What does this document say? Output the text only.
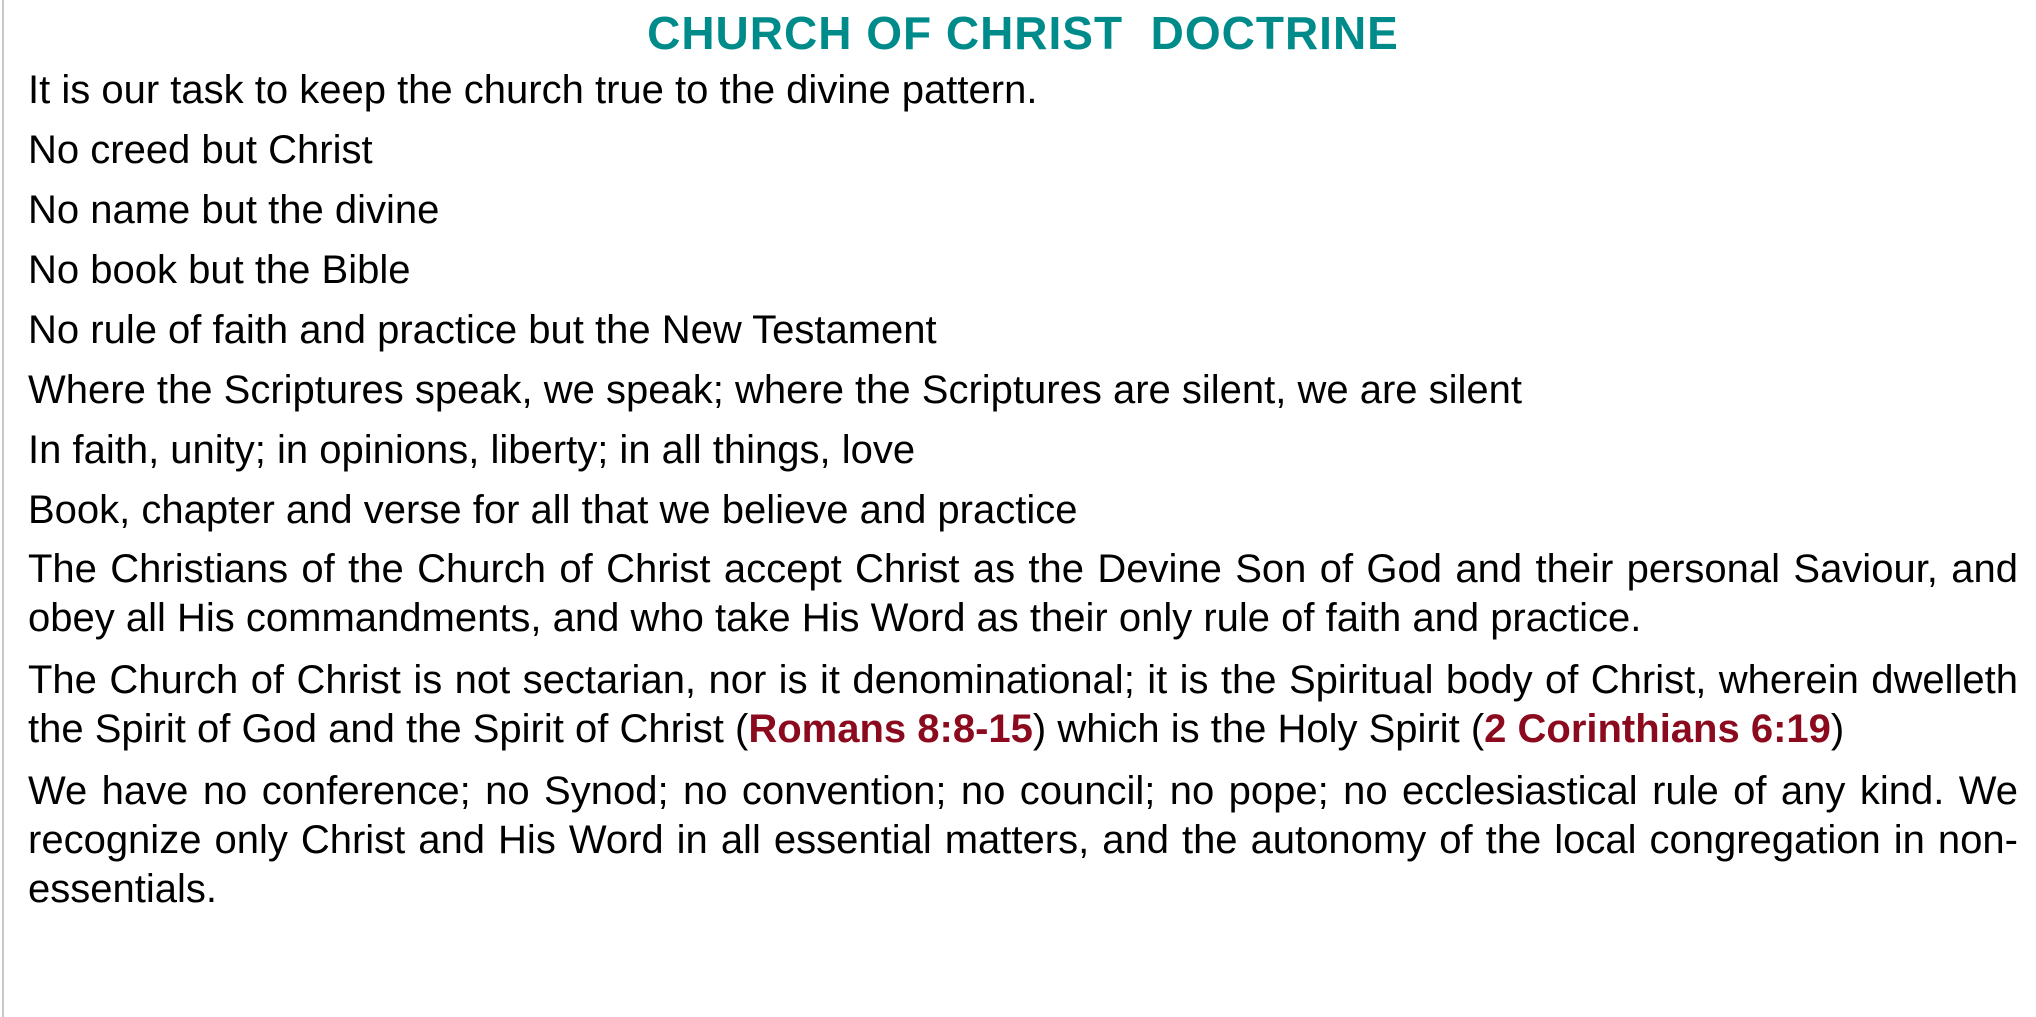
CHURCH OF CHRIST  DOCTRINE

It is our task to keep the church true to the divine pattern.

No creed but Christ

No name but the divine

No book but the Bible

No rule of faith and practice but the New Testament

Where the Scriptures speak, we speak; where the Scriptures are silent, we are silent

In faith, unity; in opinions, liberty; in all things, love

Book, chapter and verse for all that we believe and practice

The Christians of the Church of Christ accept Christ as the Devine Son of God and their personal Saviour, and obey all His commandments, and who take His Word as their only rule of faith and practice.

The Church of Christ is not sectarian, nor is it denominational; it is the Spiritual body of Christ, wherein dwelleth the Spirit of God and the Spirit of Christ (Romans 8:8-15) which is the Holy Spirit (2 Corinthians 6:19)

We have no conference; no Synod; no convention; no council; no pope; no ecclesiastical rule of any kind. We recognize only Christ and His Word in all essential matters, and the autonomy of the local congregation in non-essentials.
